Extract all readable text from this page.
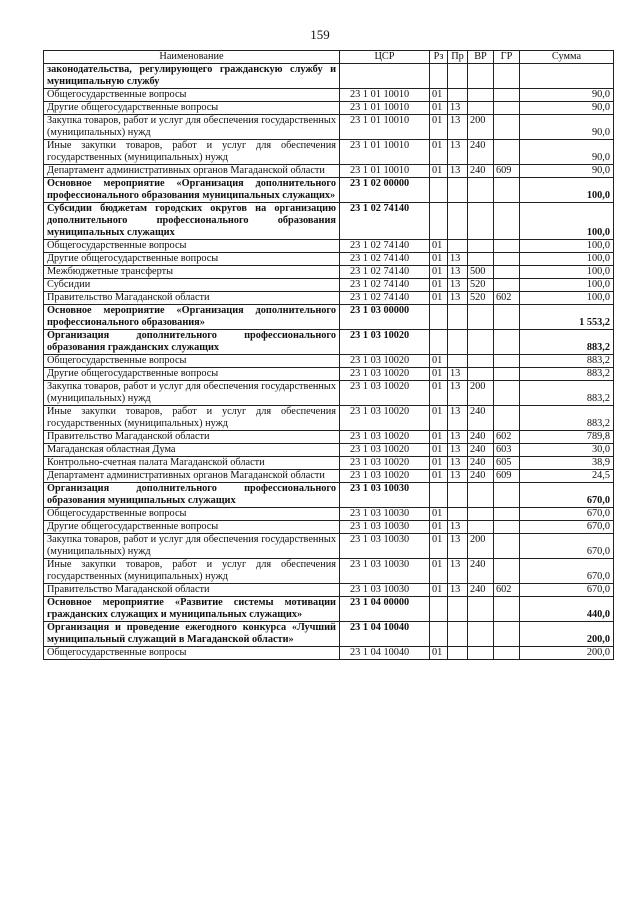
159
Наименование	ЦСР	Рз	Пр	ВР	ГР	Сумма
законодательства, регулирующего гражданскую службу и муниципальную службу						
Общегосударственные вопросы	23 1 01 10010	01				90,0
Другие общегосударственные вопросы	23 1 01 10010	01	13			90,0
Закупка товаров, работ и услуг для обеспечения государственных (муниципальных) нужд	23 1 01 10010	01	13	200		90,0
Иные закупки товаров, работ и услуг для обеспечения государственных (муниципальных) нужд	23 1 01 10010	01	13	240		90,0
Департамент административных органов Магаданской области	23 1 01 10010	01	13	240	609	90,0
Основное мероприятие «Организация дополнительного профессионального образования муниципальных служащих»	23 1 02 00000					100,0
Субсидии бюджетам городских округов на организацию дополнительного профессионального образования муниципальных служащих	23 1 02 74140					100,0
Общегосударственные вопросы	23 1 02 74140	01				100,0
Другие общегосударственные вопросы	23 1 02 74140	01	13			100,0
Межбюджетные трансферты	23 1 02 74140	01	13	500		100,0
Субсидии	23 1 02 74140	01	13	520		100,0
Правительство Магаданской области	23 1 02 74140	01	13	520	602	100,0
Основное мероприятие «Организация дополнительного профессионального образования»	23 1 03 00000					1 553,2
Организация дополнительного профессионального образования гражданских служащих	23 1 03 10020					883,2
Общегосударственные вопросы	23 1 03 10020	01				883,2
Другие общегосударственные вопросы	23 1 03 10020	01	13			883,2
Закупка товаров, работ и услуг для обеспечения государственных (муниципальных) нужд	23 1 03 10020	01	13	200		883,2
Иные закупки товаров, работ и услуг для обеспечения государственных (муниципальных) нужд	23 1 03 10020	01	13	240		883,2
Правительство Магаданской области	23 1 03 10020	01	13	240	602	789,8
Магаданская областная Дума	23 1 03 10020	01	13	240	603	30,0
Контрольно-счетная палата Магаданской области	23 1 03 10020	01	13	240	605	38,9
Департамент административных органов Магаданской области	23 1 03 10020	01	13	240	609	24,5
Организация дополнительного профессионального образования муниципальных служащих	23 1 03 10030					670,0
Общегосударственные вопросы	23 1 03 10030	01				670,0
Другие общегосударственные вопросы	23 1 03 10030	01	13			670,0
Закупка товаров, работ и услуг для обеспечения государственных (муниципальных) нужд	23 1 03 10030	01	13	200		670,0
Иные закупки товаров, работ и услуг для обеспечения государственных (муниципальных) нужд	23 1 03 10030	01	13	240		670,0
Правительство Магаданской области	23 1 03 10030	01	13	240	602	670,0
Основное мероприятие «Развитие системы мотивации гражданских служащих и муниципальных служащих»	23 1 04 00000					440,0
Организация и проведение ежегодного конкурса «Лучший муниципальный служащий в Магаданской области»	23 1 04 10040					200,0
Общегосударственные вопросы	23 1 04 10040	01				200,0
